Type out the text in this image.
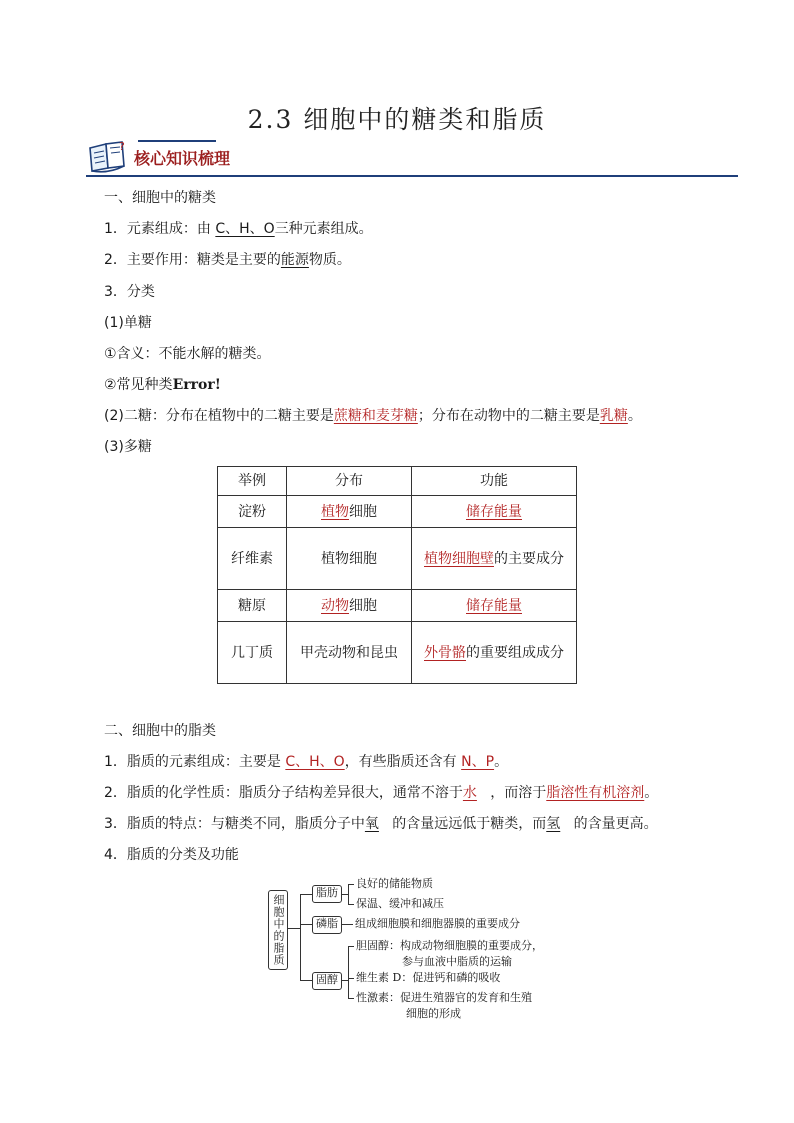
2.3 细胞中的糖类和脂质
?
核心知识梳理
一、细胞中的糖类
1．元素组成：由 C、H、O三种元素组成。
2．主要作用：糖类是主要的能源物质。
3．分类
(1)单糖
①含义：不能水解的糖类。
②常见种类Error!
(2)二糖：分布在植物中的二糖主要是蔗糖和麦芽糖；分布在动物中的二糖主要是乳糖。
(3)多糖
举例	分布	功能
淀粉	植物细胞	储存能量
纤维素	植物细胞	植物细胞壁的主要成分
糖原	动物细胞	储存能量
几丁质	甲壳动物和昆虫	外骨骼的重要组成成分
二、细胞中的脂类
1．脂质的元素组成：主要是 C、H、O，有些脂质还含有 N、P。
2．脂质的化学性质：脂质分子结构差异很大，通常不溶于水   ，而溶于脂溶性有机溶剂。
3．脂质的特点：与糖类不同，脂质分子中氧   的含量远远低于糖类，而氢   的含量更高。
4．脂质的分类及功能
细胞中的脂质
脂肪
磷脂
固醇
良好的储能物质
保温、缓冲和减压
组成细胞膜和细胞器膜的重要成分
胆固醇：构成动物细胞膜的重要成分，
参与血液中脂质的运输
维生素 D：促进钙和磷的吸收
性激素：促进生殖器官的发育和生殖
细胞的形成
